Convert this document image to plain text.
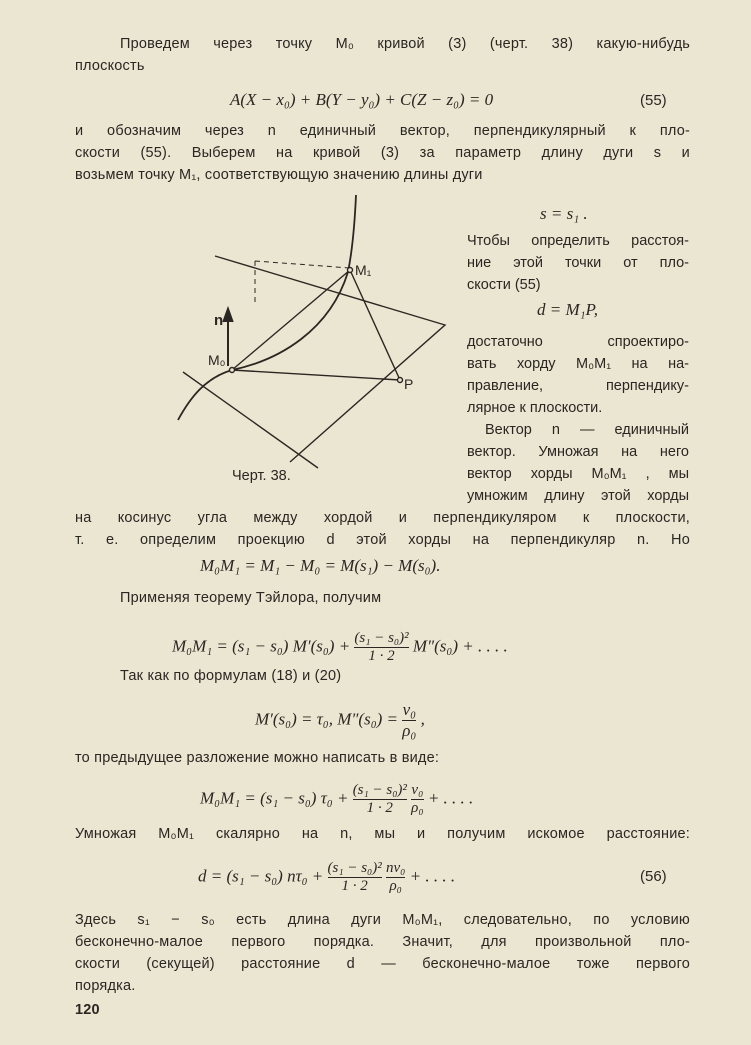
Проведем через точку M₀ кривой (3) (черт. 38) какую-нибудь
плоскость
A(X − x₀) + B(Y − y₀) + C(Z − z₀) = 0	(55)
и обозначим через n единичный вектор, перпендикулярный к пло-
скости (55). Выберем на кривой (3) за параметр длину дуги s и
возьмем точку M₁, соответствующую значению длины дуги
s = s₁ .
Чтобы определить расстоя-
ние этой точки от пло-
скости (55)
d = M₁P,
достаточно спроектиро-
вать хорду M₀M₁ на на-
правление, перпендику-
лярное к плоскости.
Вектор n — единичный
вектор. Умножая на него
вектор хорды M₀M₁ , мы
умножим длину этой хорды
M₁
M₀
P
n
Черт. 38.
на косинус угла между хордой и перпендикуляром к плоскости,
т. е. определим проекцию d этой хорды на перпендикуляр n. Но
M₀M₁ = M₁ − M₀ = M(s₁) − M(s₀).
Применяя теорему Тэйлора, получим
M₀M₁ = (s₁ − s₀) $M'(s_0) + \frac{\text{(s₁ − s₀)²}}{1 \cdot 2} M''(s_0)$ + . . . .
Так как по формулам (18) и (20)
M′(s₀) = τ₀, $M''(s_0) = \frac{\text{ν₀}}{\text{ρ₀}}$ ,
то предыдущее разложение можно написать в виде:
M₀M₁ = (s₁ − s₀) $\tau_0 + \frac{\text{(s₁ − s₀)²}}{1 \cdot 2}$
$\frac{\text{ν₀}}{\text{ρ₀}}$ + . . . .
Умножая M₀M₁ скалярно на n, мы и получим искомое расстояние:
d = (s₁ − s₀) $n\tau_0 + \frac{\text{(s₁ − s₀)²}}{1 \cdot 2}$
$\frac{\text{nν₀}}{\text{ρ₀}}$ + . . . .	(56)
Здесь s₁ − s₀ есть длина дуги M₀M₁, следовательно, по условию
бесконечно-малое первого порядка. Значит, для произвольной пло-
скости (секущей) расстояние d — бесконечно-малое тоже первого
порядка.
120
